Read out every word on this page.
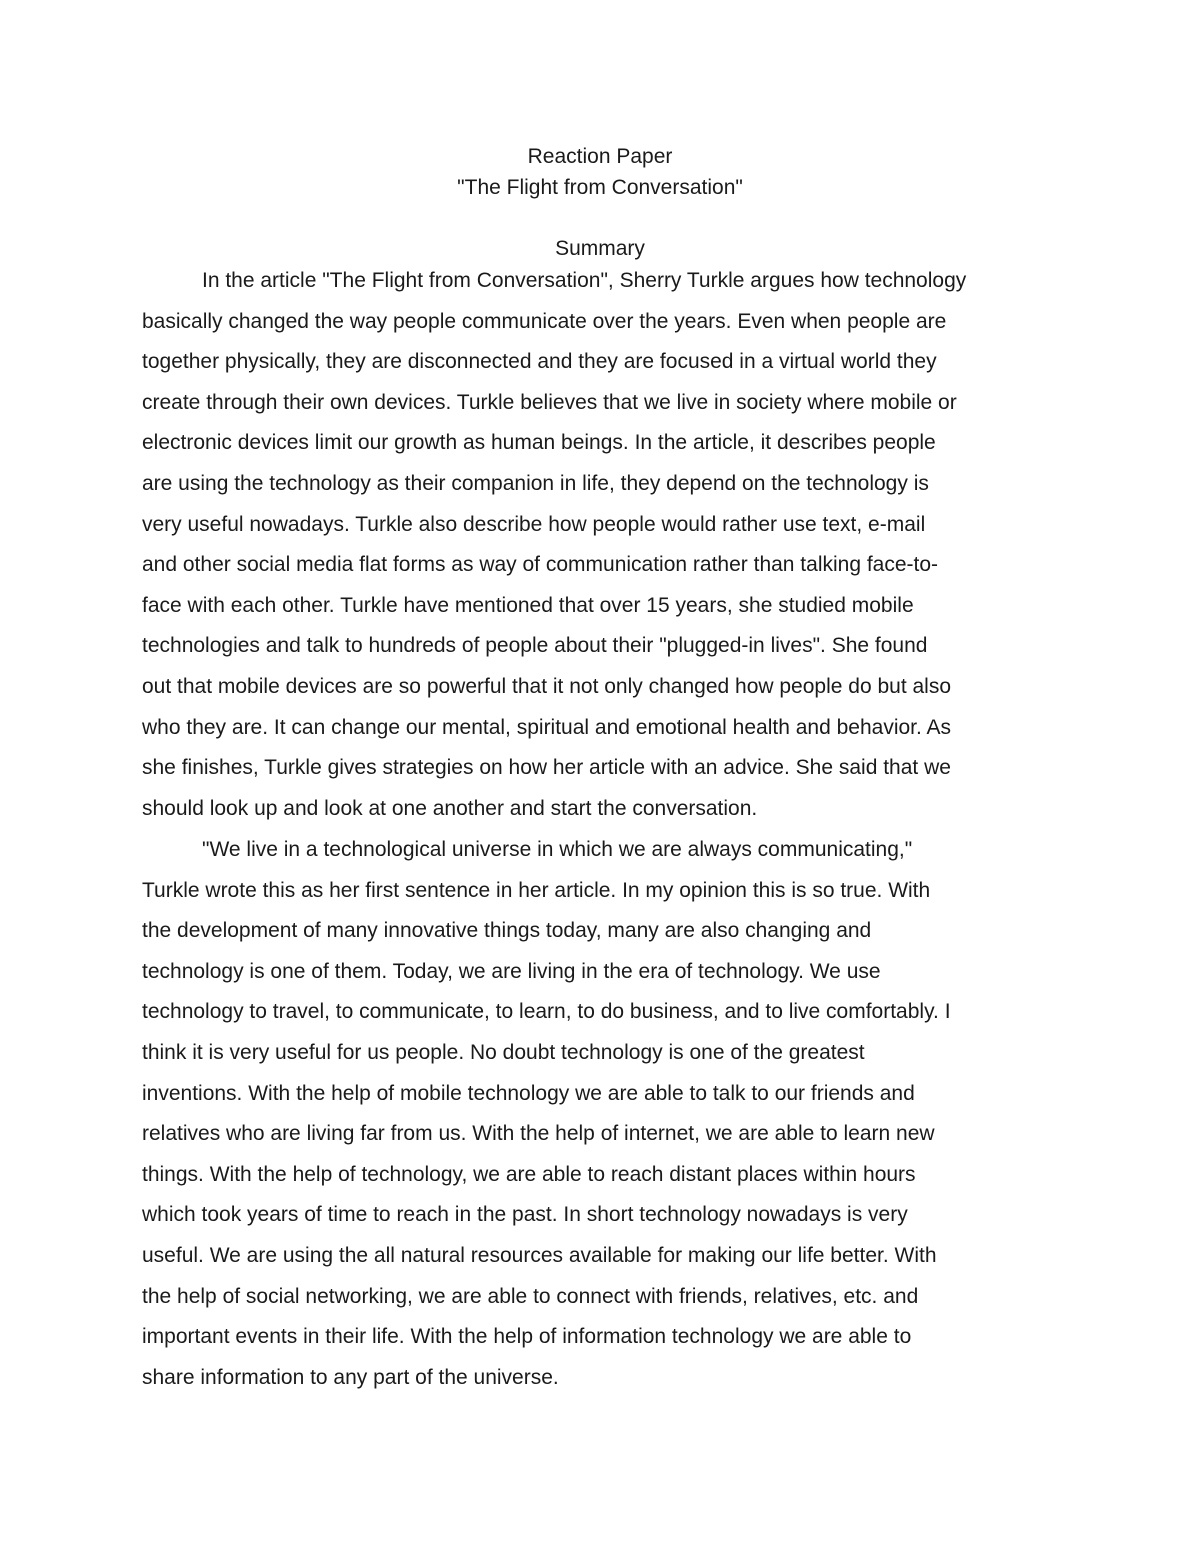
Reaction Paper
"The Flight from Conversation"
Summary
In the article "The Flight from Conversation", Sherry Turkle argues how technology
basically changed the way people communicate over the years. Even when people are
together physically, they are disconnected and they are focused in a virtual world they
create through their own devices. Turkle believes that we live in society where mobile or
electronic devices limit our growth as human beings. In the article, it describes people
are using the technology as their companion in life, they depend on the technology is
very useful nowadays. Turkle also describe how people would rather use text, e-mail
and other social media flat forms as way of communication rather than talking face-to-
face with each other. Turkle have mentioned that over 15 years, she studied mobile
technologies and talk to hundreds of people about their "plugged-in lives". She found
out that mobile devices are so powerful that it not only changed how people do but also
who they are. It can change our mental, spiritual and emotional health and behavior. As
she finishes, Turkle gives strategies on how her article with an advice. She said that we
should look up and look at one another and start the conversation.
"We live in a technological universe in which we are always communicating,"
Turkle wrote this as her first sentence in her article. In my opinion this is so true. With
the development of many innovative things today, many are also changing and
technology is one of them. Today, we are living in the era of technology. We use
technology to travel, to communicate, to learn, to do business, and to live comfortably. I
think it is very useful for us people. No doubt technology is one of the greatest
inventions. With the help of mobile technology we are able to talk to our friends and
relatives who are living far from us. With the help of internet, we are able to learn new
things. With the help of technology, we are able to reach distant places within hours
which took years of time to reach in the past. In short technology nowadays is very
useful. We are using the all natural resources available for making our life better. With
the help of social networking, we are able to connect with friends, relatives, etc. and
important events in their life. With the help of information technology we are able to
share information to any part of the universe.
